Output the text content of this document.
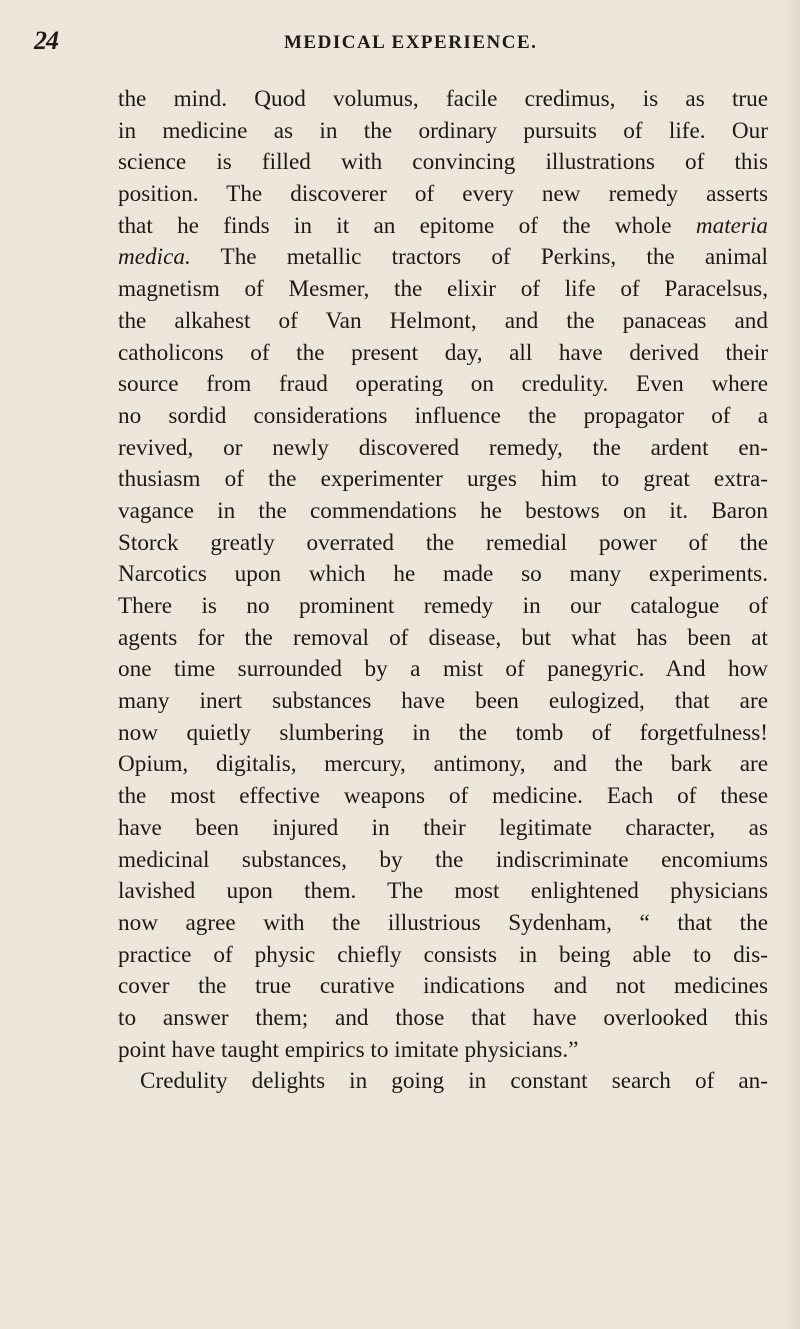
24	MEDICAL EXPERIENCE.
the mind. Quod volumus, facile credimus, is as true
in medicine as in the ordinary pursuits of life. Our
science is filled with convincing illustrations of this
position. The discoverer of every new remedy asserts
that he finds in it an epitome of the whole materia
medica. The metallic tractors of Perkins, the animal
magnetism of Mesmer, the elixir of life of Paracelsus,
the alkahest of Van Helmont, and the panaceas and
catholicons of the present day, all have derived their
source from fraud operating on credulity. Even where
no sordid considerations influence the propagator of a
revived, or newly discovered remedy, the ardent en-
thusiasm of the experimenter urges him to great extra-
vagance in the commendations he bestows on it. Baron
Storck greatly overrated the remedial power of the
Narcotics upon which he made so many experiments.
There is no prominent remedy in our catalogue of
agents for the removal of disease, but what has been at
one time surrounded by a mist of panegyric. And how
many inert substances have been eulogized, that are
now quietly slumbering in the tomb of forgetfulness!
Opium, digitalis, mercury, antimony, and the bark are
the most effective weapons of medicine. Each of these
have been injured in their legitimate character, as
medicinal substances, by the indiscriminate encomiums
lavished upon them. The most enlightened physicians
now agree with the illustrious Sydenham, “ that the
practice of physic chiefly consists in being able to dis-
cover the true curative indications and not medicines
to answer them; and those that have overlooked this
point have taught empirics to imitate physicians.”
Credulity delights in going in constant search of an-
